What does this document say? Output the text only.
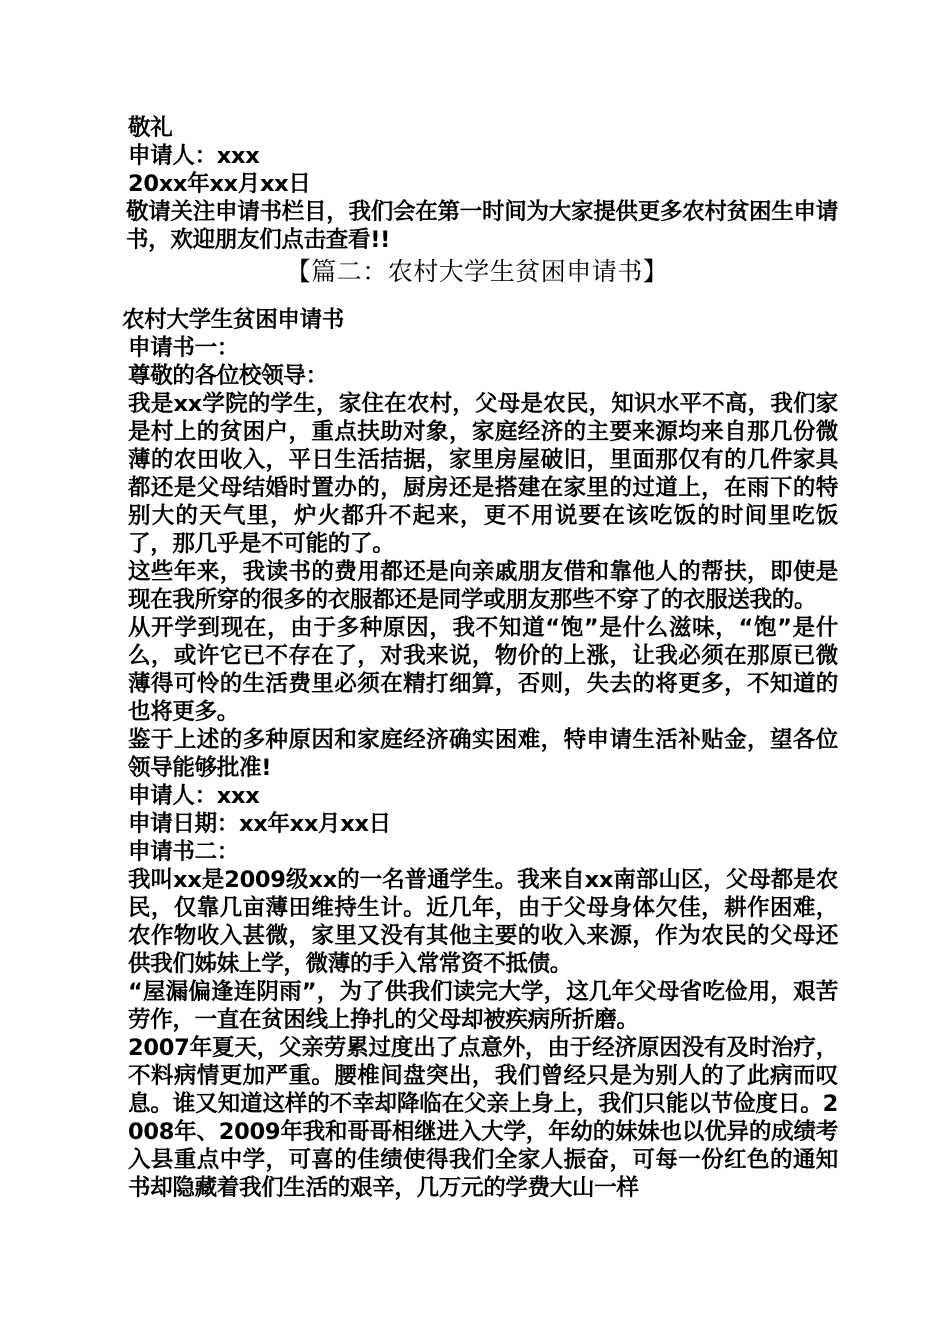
敬礼

申请人：xxx

20xx年xx月xx日

敬请关注申请书栏目，我们会在第一时间为大家提供更多农村贫困生申请书，欢迎朋友们点击查看!!

【篇二：农村大学生贫困申请书】

农村大学生贫困申请书

申请书一：

尊敬的各位校领导：

我是xx学院的学生，家住在农村，父母是农民，知识水平不高，我们家是村上的贫困户，重点扶助对象，家庭经济的主要来源均来自那几份微薄的农田收入，平日生活拮据，家里房屋破旧，里面那仅有的几件家具都还是父母结婚时置办的，厨房还是搭建在家里的过道上，在雨下的特别大的天气里，炉火都升不起来，更不用说要在该吃饭的时间里吃饭了，那几乎是不可能的了。

这些年来，我读书的费用都还是向亲戚朋友借和靠他人的帮扶，即使是现在我所穿的很多的衣服都还是同学或朋友那些不穿了的衣服送我的。

从开学到现在，由于多种原因，我不知道“饱”是什么滋味，“饱”是什么，或许它已不存在了，对我来说，物价的上涨，让我必须在那原已微薄得可怜的生活费里必须在精打细算，否则，失去的将更多，不知道的也将更多。

鉴于上述的多种原因和家庭经济确实困难，特申请生活补贴金，望各位领导能够批准!

申请人：xxx

申请日期：xx年xx月xx日

申请书二：

我叫xx是2009级xx的一名普通学生。我来自xx南部山区，父母都是农民，仅靠几亩薄田维持生计。近几年，由于父母身体欠佳，耕作困难，农作物收入甚微，家里又没有其他主要的收入来源，作为农民的父母还供我们姊妹上学，微薄的手入常常资不抵债。

“屋漏偏逢连阴雨”，为了供我们读完大学，这几年父母省吃俭用，艰苦劳作，一直在贫困线上挣扎的父母却被疾病所折磨。

2007年夏天，父亲劳累过度出了点意外，由于经济原因没有及时治疗，不料病情更加严重。腰椎间盘突出，我们曾经只是为别人的了此病而叹息。谁又知道这样的不幸却降临在父亲上身上，我们只能以节俭度日。2008年、2009年我和哥哥相继进入大学，年幼的妹妹也以优异的成绩考入县重点中学，可喜的佳绩使得我们全家人振奋，可每一份红色的通知书却隐藏着我们生活的艰辛，几万元的学费大山一样
